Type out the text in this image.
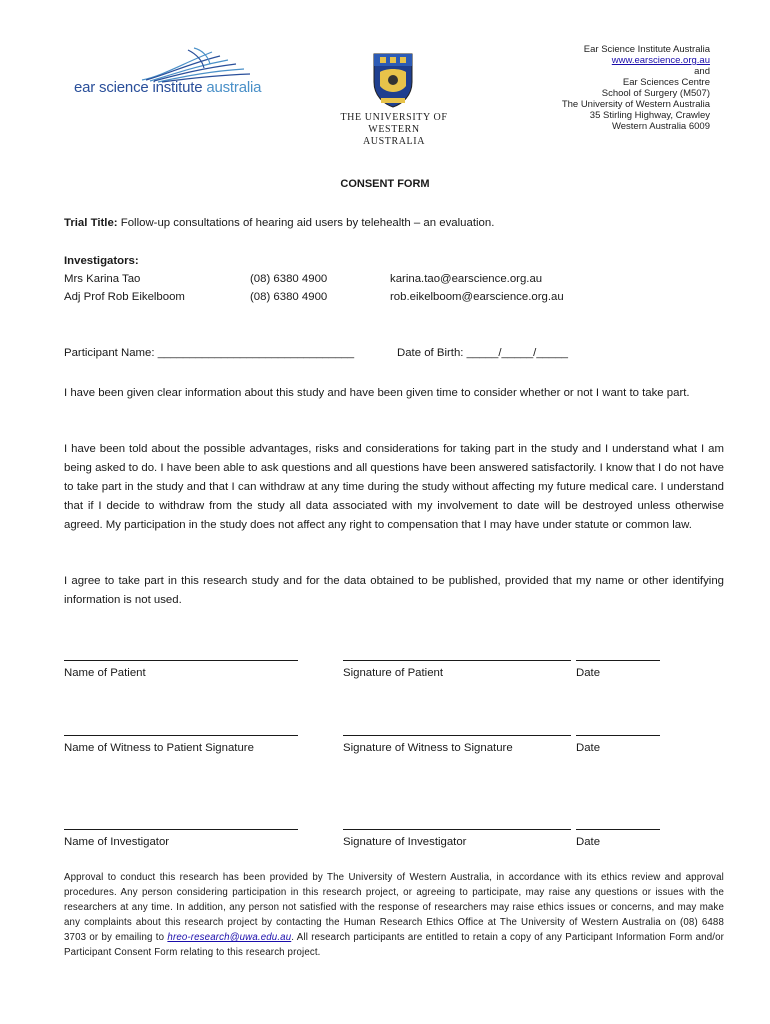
ear science institute australia
THE UNIVERSITY OF
WESTERN AUSTRALIA
Ear Science Institute Australia
www.earscience.org.au
and
Ear Sciences Centre
School of Surgery (M507)
The University of Western Australia
35 Stirling Highway, Crawley
Western Australia 6009
CONSENT FORM
Trial Title: Follow-up consultations of hearing aid users by telehealth – an evaluation.
Investigators:
Mrs Karina Tao	(08) 6380 4900	karina.tao@earscience.org.au
Adj Prof Rob Eikelboom	(08) 6380 4900	rob.eikelboom@earscience.org.au
Participant Name: _______________________________	Date of Birth: _____/_____/_____
I have been given clear information about this study and have been given time to consider whether or not I want to take part.
I have been told about the possible advantages, risks and considerations for taking part in the study and I understand what I am being asked to do. I have been able to ask questions and all questions have been answered satisfactorily. I know that I do not have to take part in the study and that I can withdraw at any time during the study without affecting my future medical care. I understand that if I decide to withdraw from the study all data associated with my involvement to date will be destroyed unless otherwise agreed. My participation in the study does not affect any right to compensation that I may have under statute or common law.
I agree to take part in this research study and for the data obtained to be published, provided that my name or other identifying information is not used.
Name of Patient	Signature of Patient	Date
Name of Witness to Patient Signature	Signature of Witness to Signature	Date
Name of Investigator	Signature of Investigator	Date
Approval to conduct this research has been provided by The University of Western Australia, in accordance with its ethics review and approval procedures. Any person considering participation in this research project, or agreeing to participate, may raise any questions or issues with the researchers at any time. In addition, any person not satisfied with the response of researchers may raise ethics issues or concerns, and may make any complaints about this research project by contacting the Human Research Ethics Office at The University of Western Australia on (08) 6488 3703 or by emailing to hreo-research@uwa.edu.au. All research participants are entitled to retain a copy of any Participant Information Form and/or Participant Consent Form relating to this research project.
